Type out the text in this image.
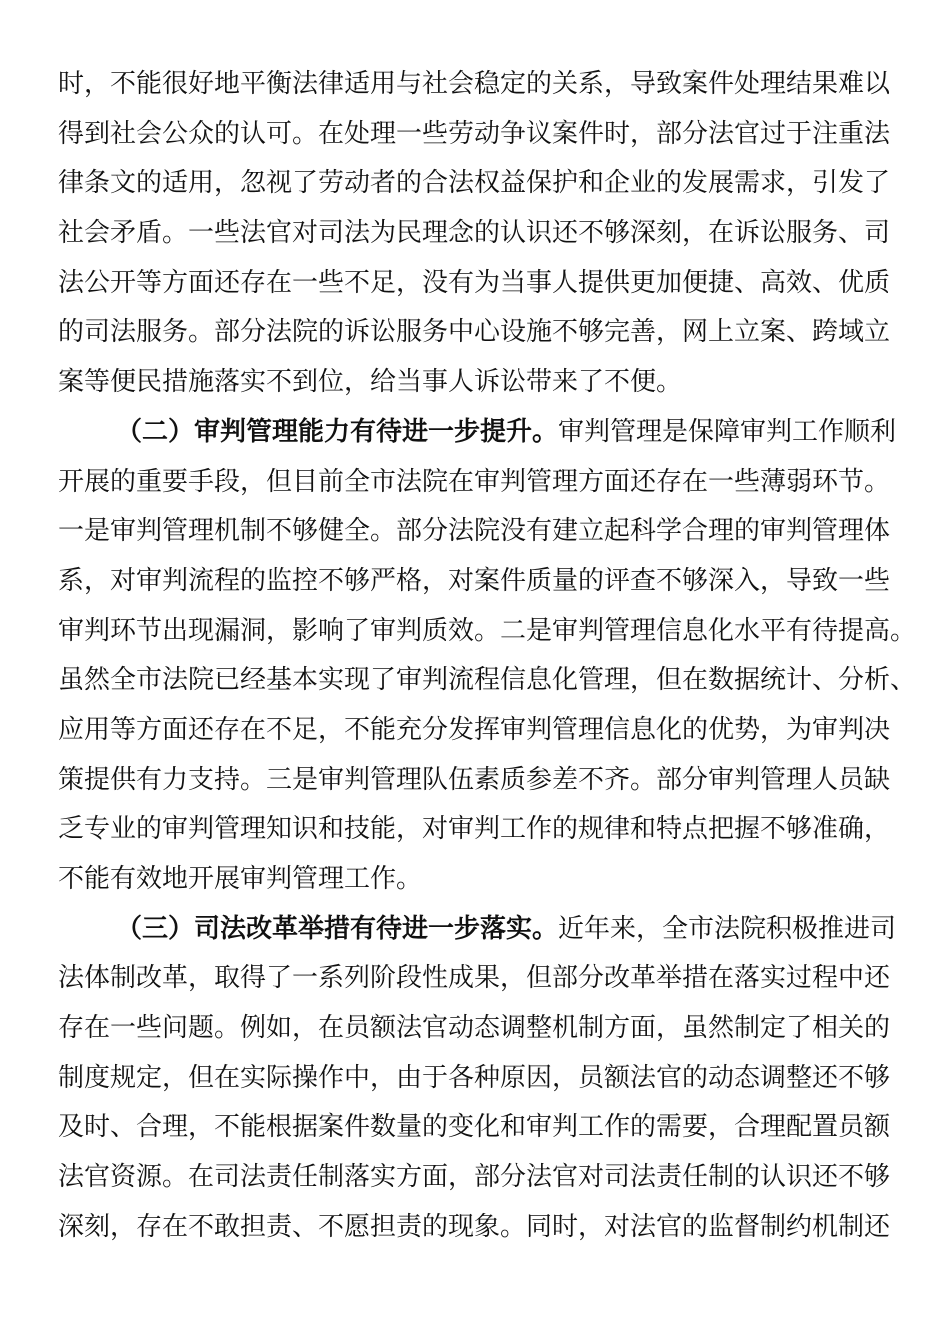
时，不能很好地平衡法律适用与社会稳定的关系，导致案件处理结果难以
得到社会公众的认可。在处理一些劳动争议案件时，部分法官过于注重法
律条文的适用，忽视了劳动者的合法权益保护和企业的发展需求，引发了
社会矛盾。一些法官对司法为民理念的认识还不够深刻，在诉讼服务、司
法公开等方面还存在一些不足，没有为当事人提供更加便捷、高效、优质
的司法服务。部分法院的诉讼服务中心设施不够完善，网上立案、跨域立
案等便民措施落实不到位，给当事人诉讼带来了不便。
（二）审判管理能力有待进一步提升。审判管理是保障审判工作顺利
开展的重要手段，但目前全市法院在审判管理方面还存在一些薄弱环节。
一是审判管理机制不够健全。部分法院没有建立起科学合理的审判管理体
系，对审判流程的监控不够严格，对案件质量的评查不够深入，导致一些
审判环节出现漏洞，影响了审判质效。二是审判管理信息化水平有待提高。
虽然全市法院已经基本实现了审判流程信息化管理，但在数据统计、分析、
应用等方面还存在不足，不能充分发挥审判管理信息化的优势，为审判决
策提供有力支持。三是审判管理队伍素质参差不齐。部分审判管理人员缺
乏专业的审判管理知识和技能，对审判工作的规律和特点把握不够准确，
不能有效地开展审判管理工作。
（三）司法改革举措有待进一步落实。近年来，全市法院积极推进司
法体制改革，取得了一系列阶段性成果，但部分改革举措在落实过程中还
存在一些问题。例如，在员额法官动态调整机制方面，虽然制定了相关的
制度规定，但在实际操作中，由于各种原因，员额法官的动态调整还不够
及时、合理，不能根据案件数量的变化和审判工作的需要，合理配置员额
法官资源。在司法责任制落实方面，部分法官对司法责任制的认识还不够
深刻，存在不敢担责、不愿担责的现象。同时，对法官的监督制约机制还
